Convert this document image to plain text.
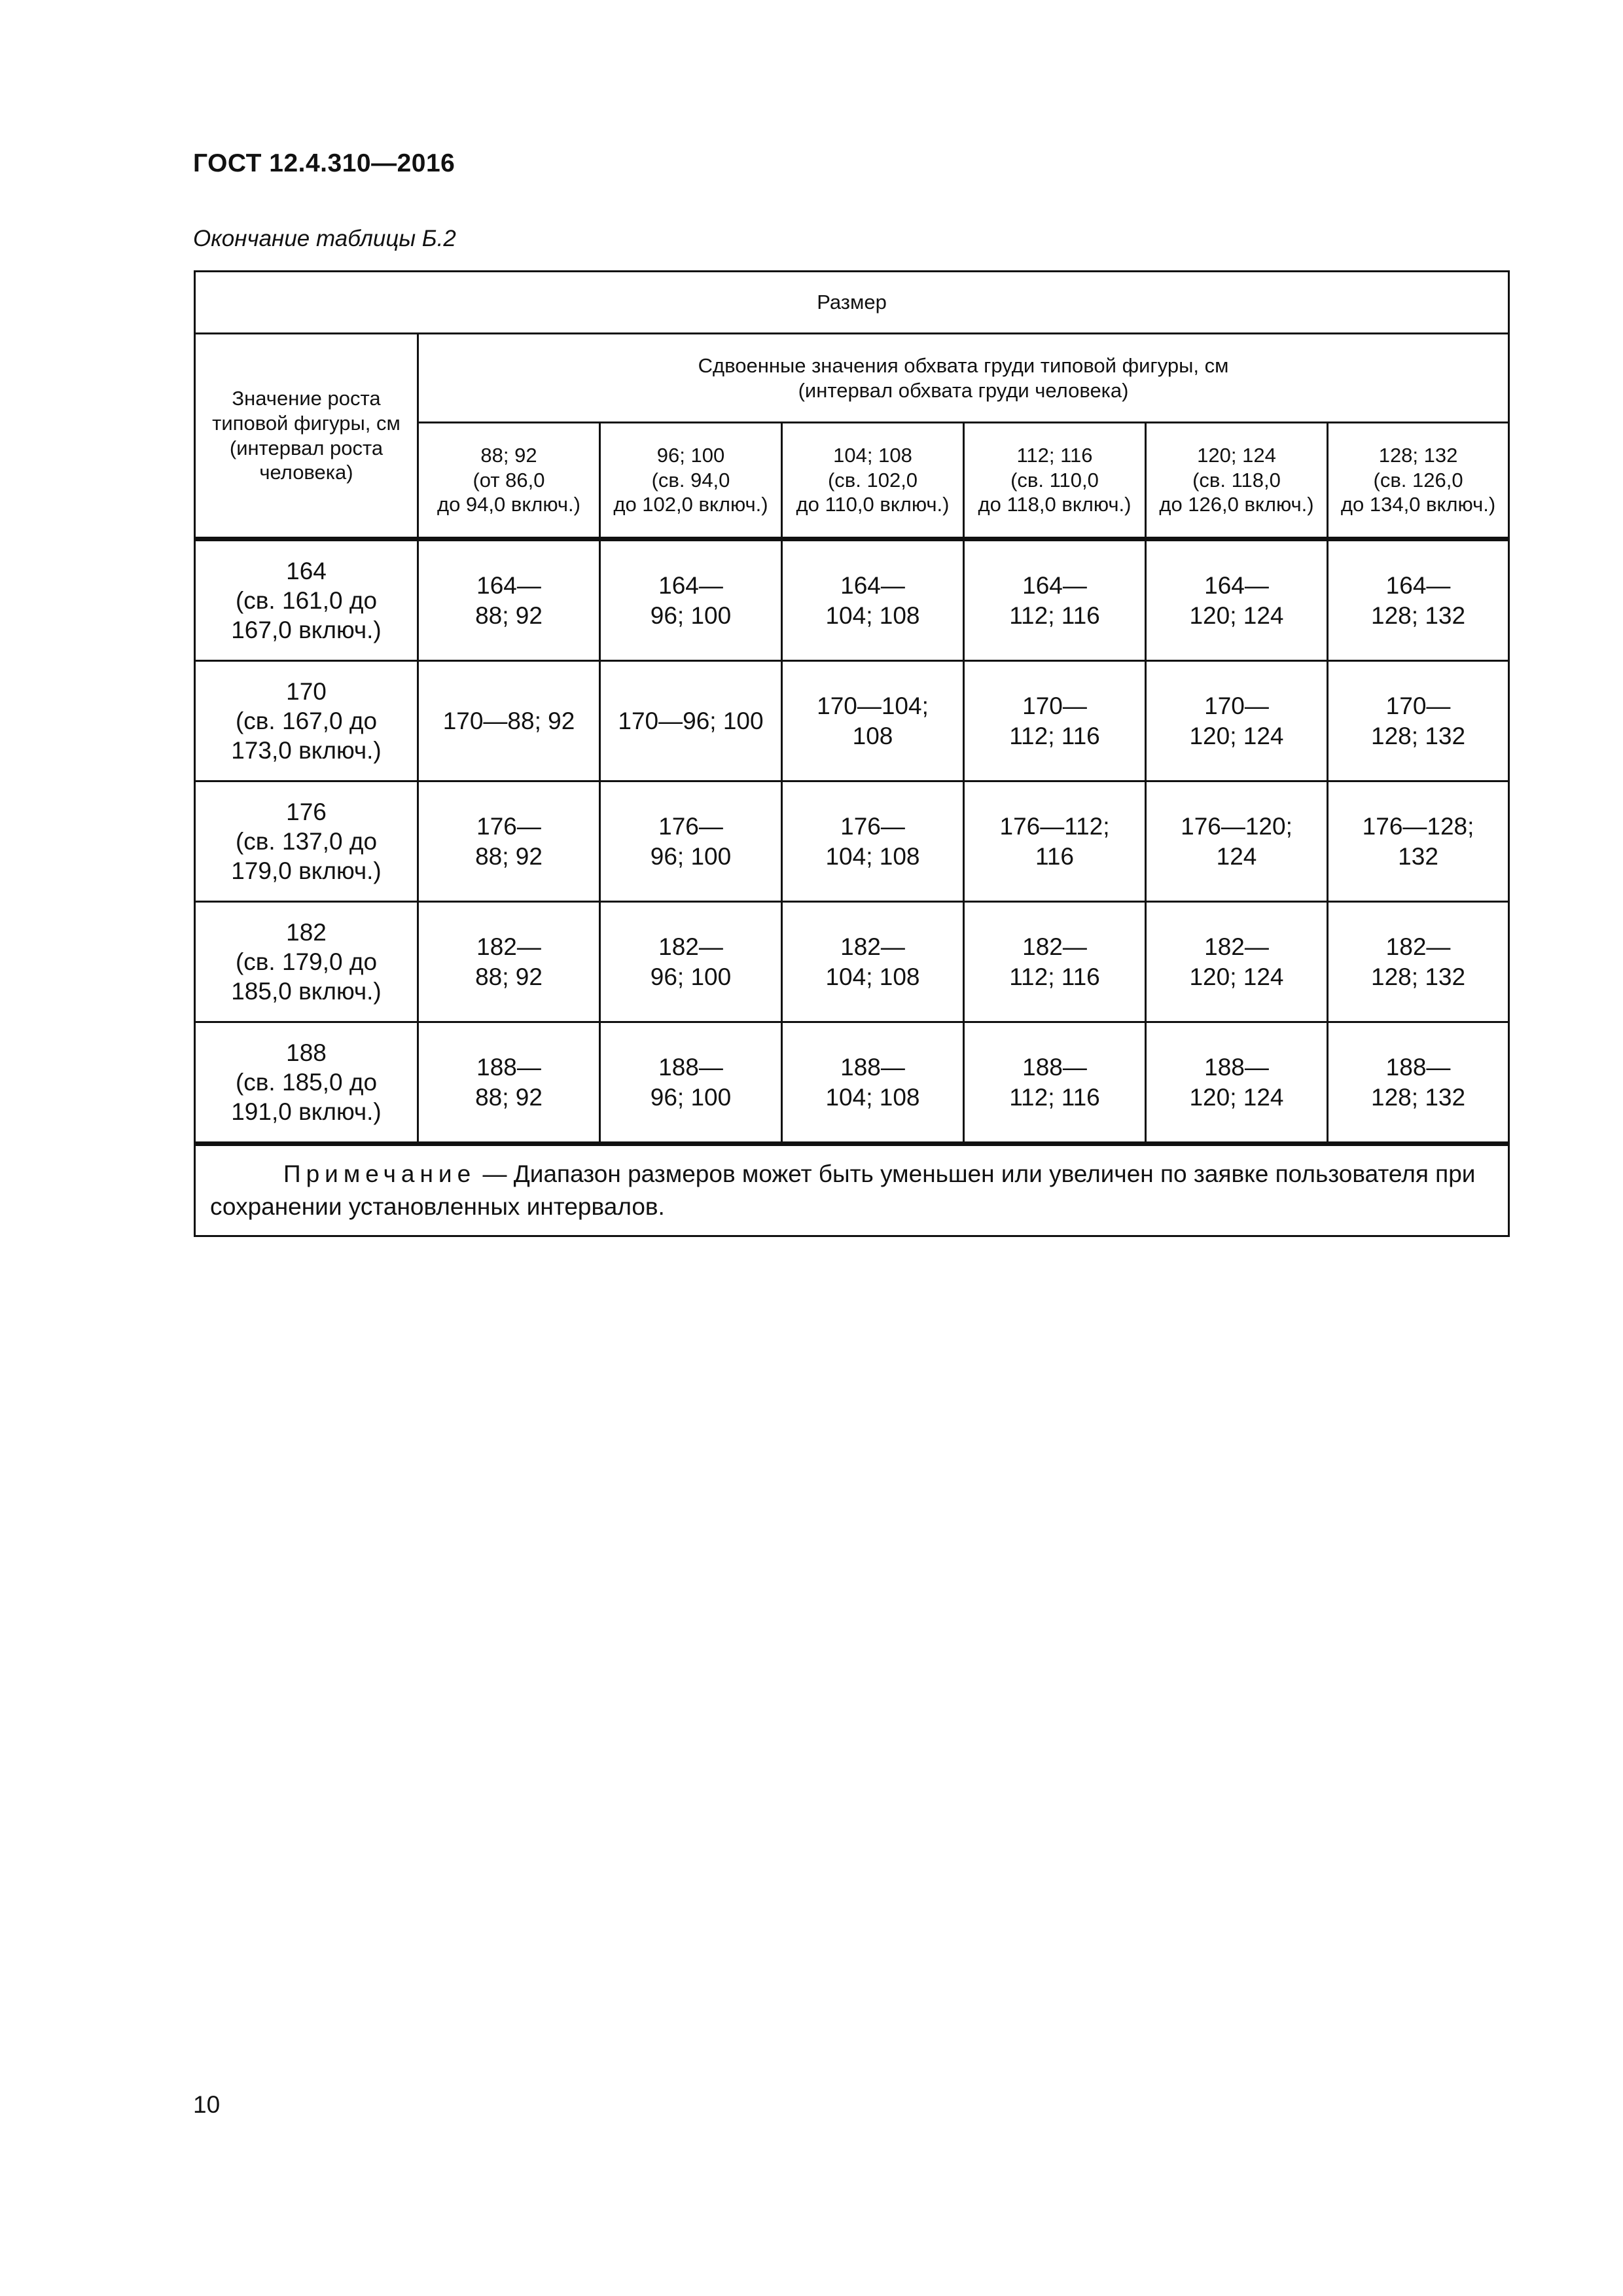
ГОСТ 12.4.310—2016
Окончание таблицы Б.2
Размер						
Значение роста
типовой фигуры, см
(интервал роста
человека)	Сдвоенные значения обхвата груди типовой фигуры, см
(интервал обхвата груди человека)					
	88; 92
(от 86,0
до 94,0 включ.)	96; 100
(св. 94,0
до 102,0 включ.)	104; 108
(св. 102,0
до 110,0 включ.)	112; 116
(св. 110,0
до 118,0 включ.)	120; 124
(св. 118,0
до 126,0 включ.)	128; 132
(св. 126,0
до 134,0 включ.)
164
(св. 161,0 до
167,0 включ.)	164—
88; 92	164—
96; 100	164—
104; 108	164—
112; 116	164—
120; 124	164—
128; 132
170
(св. 167,0 до
173,0 включ.)	170—88; 92	170—96; 100	170—104;
108	170—
112; 116	170—
120; 124	170—
128; 132
176
(св. 137,0 до
179,0 включ.)	176—
88; 92	176—
96; 100	176—
104; 108	176—112;
116	176—120;
124	176—128;
132
182
(св. 179,0 до
185,0 включ.)	182—
88; 92	182—
96; 100	182—
104; 108	182—
112; 116	182—
120; 124	182—
128; 132
188
(св. 185,0 до
191,0 включ.)	188—
88; 92	188—
96; 100	188—
104; 108	188—
112; 116	188—
120; 124	188—
128; 132
Примечание — Диапазон размеров может быть уменьшен или увеличен по заявке пользователя при сохранении установленных интервалов.						
10
